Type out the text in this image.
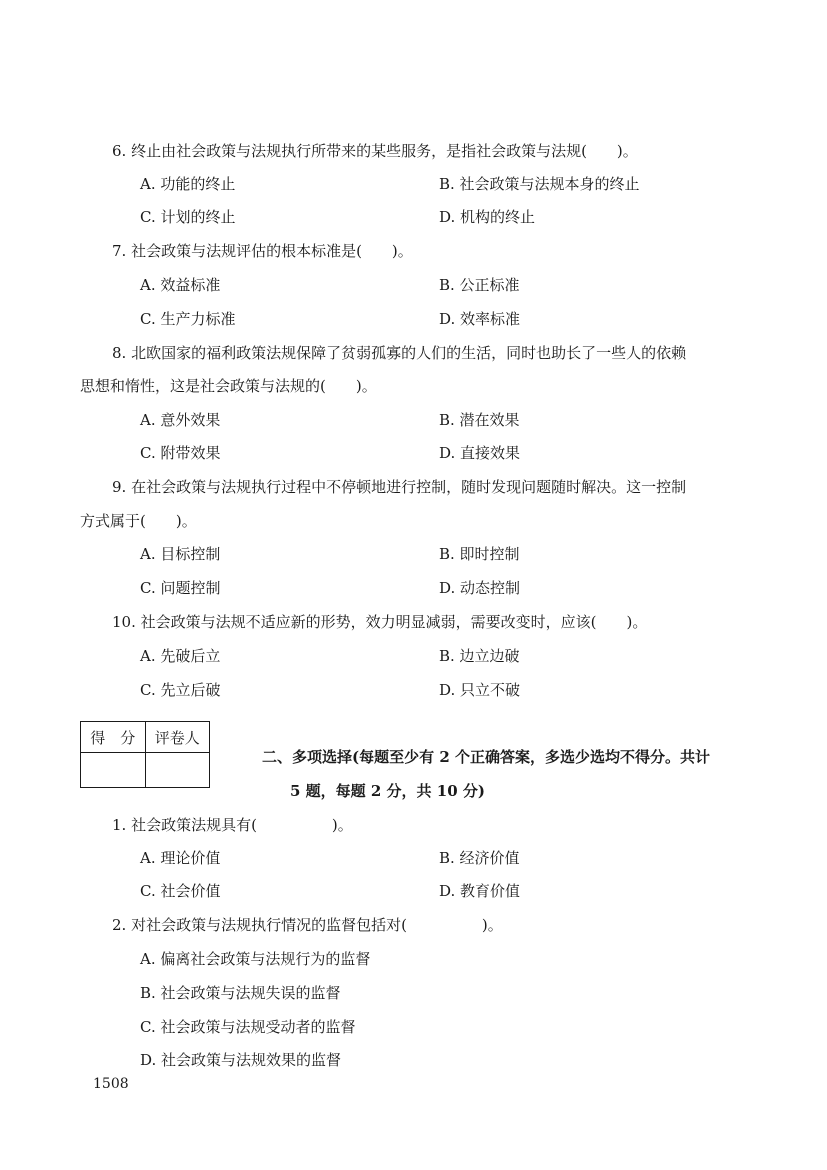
6. 终止由社会政策与法规执行所带来的某些服务，是指社会政策与法规(　　)。
A. 功能的终止	B. 社会政策与法规本身的终止
C. 计划的终止	D. 机构的终止
7. 社会政策与法规评估的根本标准是(　　)。
A. 效益标准	B. 公正标准
C. 生产力标准	D. 效率标准
8. 北欧国家的福利政策法规保障了贫弱孤寡的人们的生活，同时也助长了一些人的依赖
思想和惰性，这是社会政策与法规的(　　)。
A. 意外效果	B. 潜在效果
C. 附带效果	D. 直接效果
9. 在社会政策与法规执行过程中不停顿地进行控制，随时发现问题随时解决。这一控制
方式属于(　　)。
A. 目标控制	B. 即时控制
C. 问题控制	D. 动态控制
10. 社会政策与法规不适应新的形势，效力明显减弱，需要改变时，应该(　　)。
A. 先破后立	B. 边立边破
C. 先立后破	D. 只立不破
得　分	评卷人

二、多项选择(每题至少有 2 个正确答案，多选少选均不得分。共计
5 题，每题 2 分，共 10 分)
1. 社会政策法规具有(　　　　　)。
A. 理论价值	B. 经济价值
C. 社会价值	D. 教育价值
2. 对社会政策与法规执行情况的监督包括对(　　　　　)。
A. 偏离社会政策与法规行为的监督
B. 社会政策与法规失误的监督
C. 社会政策与法规受动者的监督
D. 社会政策与法规效果的监督
1508
